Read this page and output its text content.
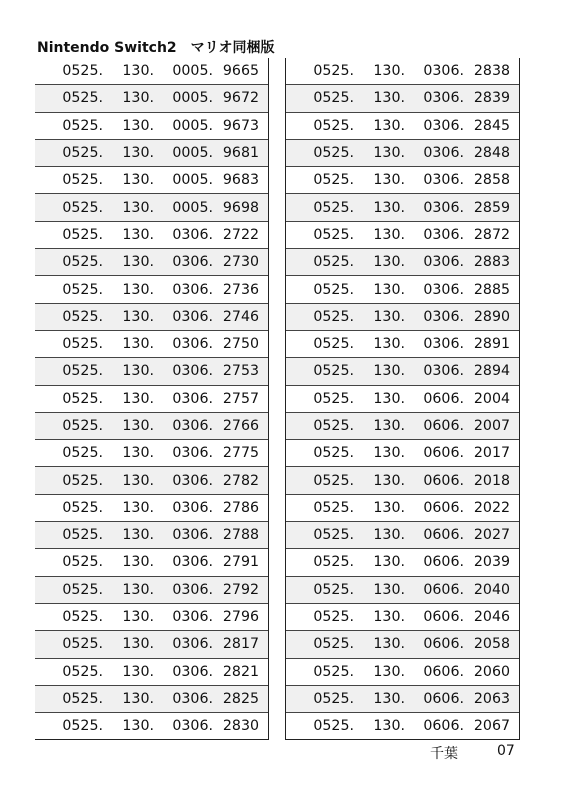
Nintendo Switch2　マリオ同梱版
0525.	130.	0005. 9665
0525.	130.	0005. 9672
0525.	130.	0005. 9673
0525.	130.	0005. 9681
0525.	130.	0005. 9683
0525.	130.	0005. 9698
0525.	130.	0306. 2722
0525.	130.	0306. 2730
0525.	130.	0306. 2736
0525.	130.	0306. 2746
0525.	130.	0306. 2750
0525.	130.	0306. 2753
0525.	130.	0306. 2757
0525.	130.	0306. 2766
0525.	130.	0306. 2775
0525.	130.	0306. 2782
0525.	130.	0306. 2786
0525.	130.	0306. 2788
0525.	130.	0306. 2791
0525.	130.	0306. 2792
0525.	130.	0306. 2796
0525.	130.	0306. 2817
0525.	130.	0306. 2821
0525.	130.	0306. 2825
0525.	130.	0306. 2830
0525.	130.	0306. 2838
0525.	130.	0306. 2839
0525.	130.	0306. 2845
0525.	130.	0306. 2848
0525.	130.	0306. 2858
0525.	130.	0306. 2859
0525.	130.	0306. 2872
0525.	130.	0306. 2883
0525.	130.	0306. 2885
0525.	130.	0306. 2890
0525.	130.	0306. 2891
0525.	130.	0306. 2894
0525.	130.	0606. 2004
0525.	130.	0606. 2007
0525.	130.	0606. 2017
0525.	130.	0606. 2018
0525.	130.	0606. 2022
0525.	130.	0606. 2027
0525.	130.	0606. 2039
0525.	130.	0606. 2040
0525.	130.	0606. 2046
0525.	130.	0606. 2058
0525.	130.	0606. 2060
0525.	130.	0606. 2063
0525.	130.	0606. 2067
千葉	07
